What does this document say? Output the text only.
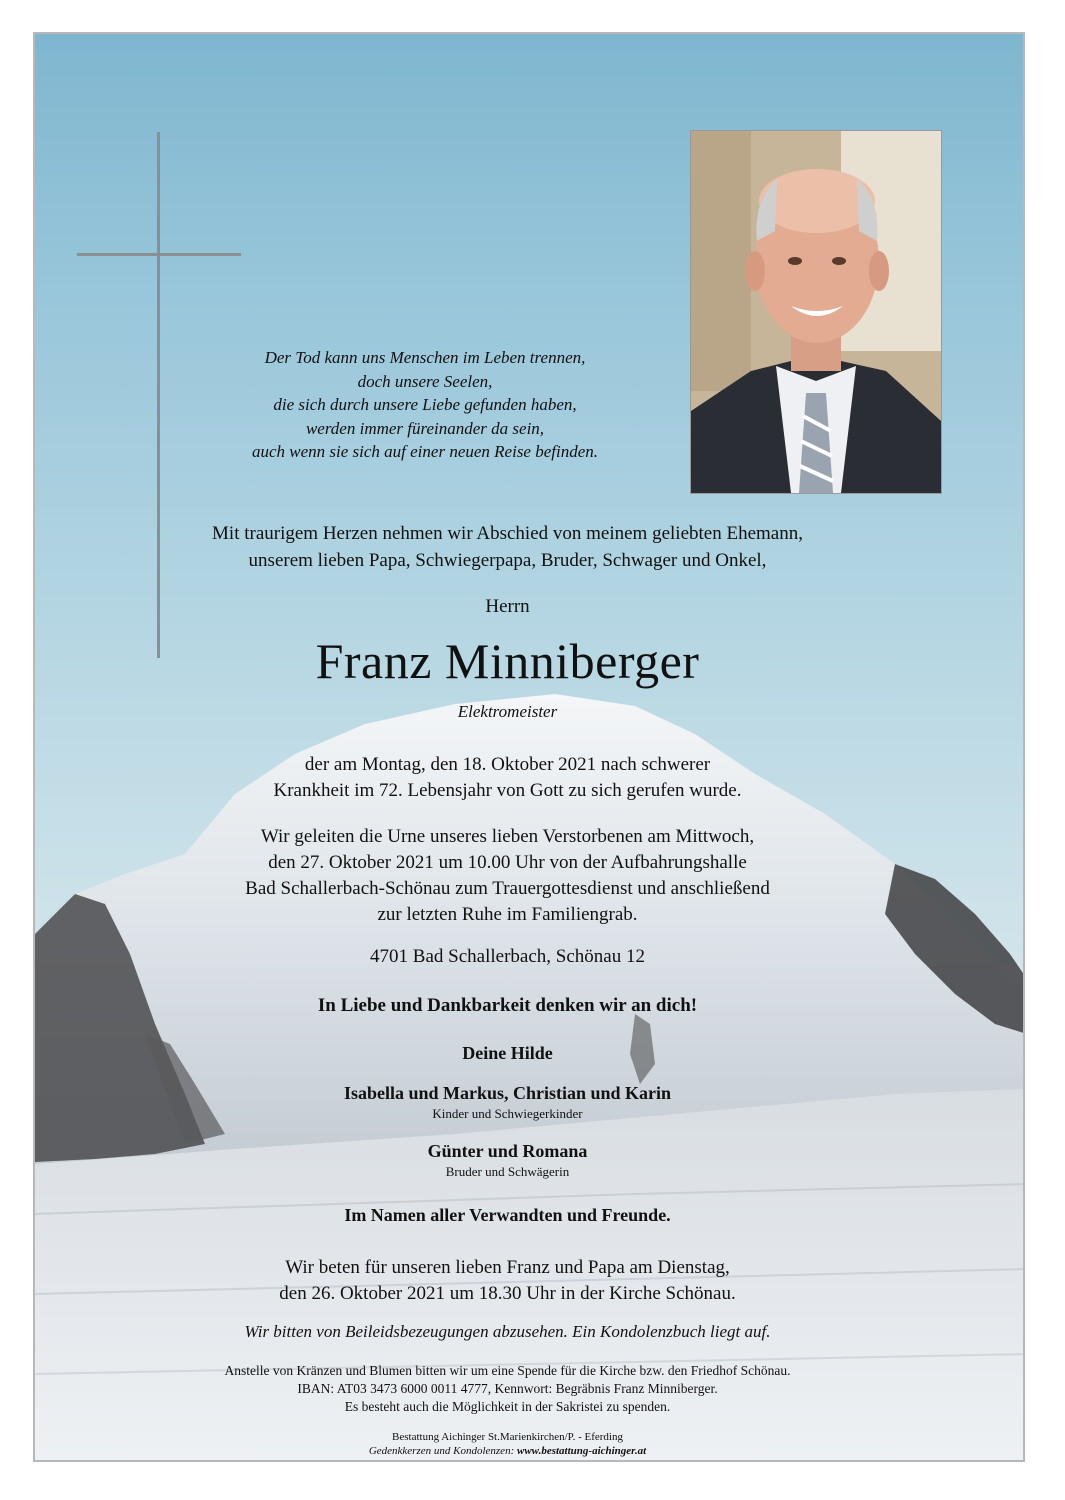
Der Tod kann uns Menschen im Leben trennen,
doch unsere Seelen,
die sich durch unsere Liebe gefunden haben,
werden immer füreinander da sein,
auch wenn sie sich auf einer neuen Reise befinden.
Mit traurigem Herzen nehmen wir Abschied von meinem geliebten Ehemann,
unserem lieben Papa, Schwiegerpapa, Bruder, Schwager und Onkel,
Herrn
Franz Minniberger
Elektromeister
der am Montag, den 18. Oktober 2021 nach schwerer
Krankheit im 72. Lebensjahr von Gott zu sich gerufen wurde.
Wir geleiten die Urne unseres lieben Verstorbenen am Mittwoch,
den 27. Oktober 2021 um 10.00 Uhr von der Aufbahrungshalle
Bad Schallerbach-Schönau zum Trauergottesdienst und anschließend
zur letzten Ruhe im Familiengrab.
4701 Bad Schallerbach, Schönau 12
In Liebe und Dankbarkeit denken wir an dich!
Deine Hilde
Isabella und Markus, Christian und Karin
Kinder und Schwiegerkinder
Günter und Romana
Bruder und Schwägerin
Im Namen aller Verwandten und Freunde.
Wir beten für unseren lieben Franz und Papa am Dienstag,
den 26. Oktober 2021 um 18.30 Uhr in der Kirche Schönau.
Wir bitten von Beileidsbezeugungen abzusehen. Ein Kondolenzbuch liegt auf.
Anstelle von Kränzen und Blumen bitten wir um eine Spende für die Kirche bzw. den Friedhof Schönau.
IBAN: AT03 3473 6000 0011 4777, Kennwort: Begräbnis Franz Minniberger.
Es besteht auch die Möglichkeit in der Sakristei zu spenden.
Bestattung Aichinger St.Marienkirchen/P. - Eferding
Gedenkkerzen und Kondolenzen: www.bestattung-aichinger.at
